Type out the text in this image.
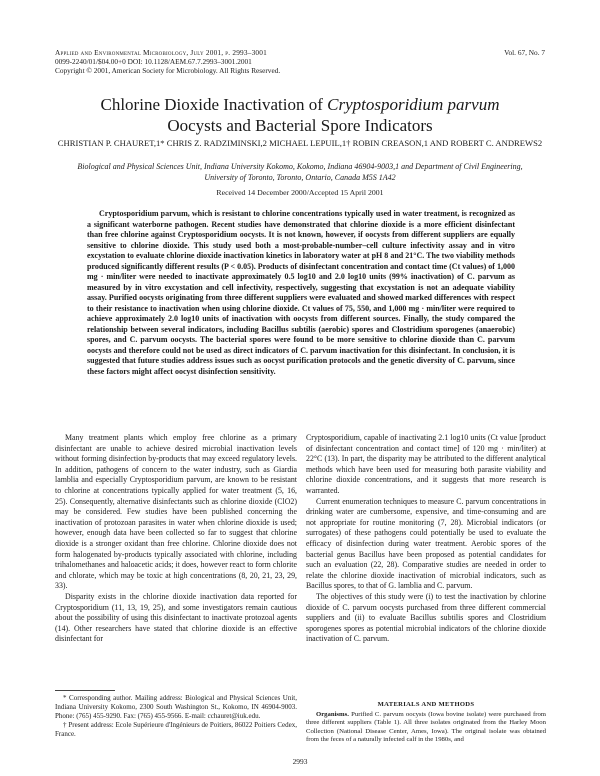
Applied and Environmental Microbiology, July 2001, p. 2993–3001
0099-2240/01/$04.00+0 DOI: 10.1128/AEM.67.7.2993–3001.2001
Copyright © 2001, American Society for Microbiology. All Rights Reserved.
Vol. 67, No. 7
Chlorine Dioxide Inactivation of Cryptosporidium parvum
Oocysts and Bacterial Spore Indicators
CHRISTIAN P. CHAURET,1* CHRIS Z. RADZIMINSKI,2 MICHAEL LEPUIL,1† ROBIN CREASON,1 AND ROBERT C. ANDREWS2
Biological and Physical Sciences Unit, Indiana University Kokomo, Kokomo, Indiana 46904-9003,1 and Department of Civil Engineering, University of Toronto, Toronto, Ontario, Canada M5S 1A42
Received 14 December 2000/Accepted 15 April 2001
Cryptosporidium parvum, which is resistant to chlorine concentrations typically used in water treatment, is recognized as a significant waterborne pathogen. Recent studies have demonstrated that chlorine dioxide is a more efficient disinfectant than free chlorine against Cryptosporidium oocysts. It is not known, however, if oocysts from different suppliers are equally sensitive to chlorine dioxide. This study used both a most-probable-number–cell culture infectivity assay and in vitro excystation to evaluate chlorine dioxide inactivation kinetics in laboratory water at pH 8 and 21°C. The two viability methods produced significantly different results (P < 0.05). Products of disinfectant concentration and contact time (Ct values) of 1,000 mg · min/liter were needed to inactivate approximately 0.5 log10 and 2.0 log10 units (99% inactivation) of C. parvum as measured by in vitro excystation and cell infectivity, respectively, suggesting that excystation is not an adequate viability assay. Purified oocysts originating from three different suppliers were evaluated and showed marked differences with respect to their resistance to inactivation when using chlorine dioxide. Ct values of 75, 550, and 1,000 mg · min/liter were required to achieve approximately 2.0 log10 units of inactivation with oocysts from different sources. Finally, the study compared the relationship between several indicators, including Bacillus subtilis (aerobic) spores and Clostridium sporogenes (anaerobic) spores, and C. parvum oocysts. The bacterial spores were found to be more sensitive to chlorine dioxide than C. parvum oocysts and therefore could not be used as direct indicators of C. parvum inactivation for this disinfectant. In conclusion, it is suggested that future studies address issues such as oocyst purification protocols and the genetic diversity of C. parvum, since these factors might affect oocyst disinfection sensitivity.

Many treatment plants which employ free chlorine as a primary disinfectant are unable to achieve desired microbial inactivation levels without forming disinfection by-products that may exceed regulatory levels. In addition, pathogens of concern to the water industry, such as Giardia lamblia and especially Cryptosporidium parvum, are known to be resistant to chlorine at concentrations typically applied for water treatment (5, 16, 25). Consequently, alternative disinfectants such as chlorine dioxide (ClO2) may be considered. Few studies have been published concerning the inactivation of protozoan parasites in water when chlorine dioxide is used; however, enough data have been collected so far to suggest that chlorine dioxide is a stronger oxidant than free chlorine. Chlorine dioxide does not form halogenated by-products typically associated with chlorine, including trihalomethanes and haloacetic acids; it does, however react to form chlorite and chlorate, which may be toxic at high concentrations (8, 20, 21, 23, 29, 33).

Disparity exists in the chlorine dioxide inactivation data reported for Cryptosporidium (11, 13, 19, 25), and some investigators remain cautious about the possibility of using this disinfectant to inactivate protozoal agents (14). Other researchers have stated that chlorine dioxide is an effective disinfectant for

Cryptosporidium, capable of inactivating 2.1 log10 units (Ct value [product of disinfectant concentration and contact time] of 120 mg · min/liter) at 22°C (13). In part, the disparity may be attributed to the different analytical methods which have been used for measuring both parasite viability and chlorine dioxide concentrations, and it suggests that more research is warranted.

Current enumeration techniques to measure C. parvum concentrations in drinking water are cumbersome, expensive, and time-consuming and are not appropriate for routine monitoring (7, 28). Microbial indicators (or surrogates) of these pathogens could potentially be used to evaluate the efficacy of disinfection during water treatment. Aerobic spores of the bacterial genus Bacillus have been proposed as potential candidates for such an evaluation (22, 28). Comparative studies are needed in order to relate the chlorine dioxide inactivation of microbial indicators, such as Bacillus spores, to that of G. lamblia and C. parvum.

The objectives of this study were (i) to test the inactivation by chlorine dioxide of C. parvum oocysts purchased from three different commercial suppliers and (ii) to evaluate Bacillus subtilis spores and Clostridium sporogenes spores as potential microbial indicators of the chlorine dioxide inactivation of C. parvum.

* Corresponding author. Mailing address: Biological and Physical Sciences Unit, Indiana University Kokomo, 2300 South Washington St., Kokomo, IN 46904-9003. Phone: (765) 455-9290. Fax: (765) 455-9566. E-mail: cchauret@iuk.edu.

† Present address: Ecole Supérieure d'Ingénieurs de Poitiers, 86022 Poitiers Cedex, France.

MATERIALS AND METHODS

Organisms. Purified C. parvum oocysts (Iowa bovine isolate) were purchased from three different suppliers (Table 1). All three isolates originated from the Harley Moon Collection (National Disease Center, Ames, Iowa). The original isolate was obtained from the feces of a naturally infected calf in the 1980s, and

2993
